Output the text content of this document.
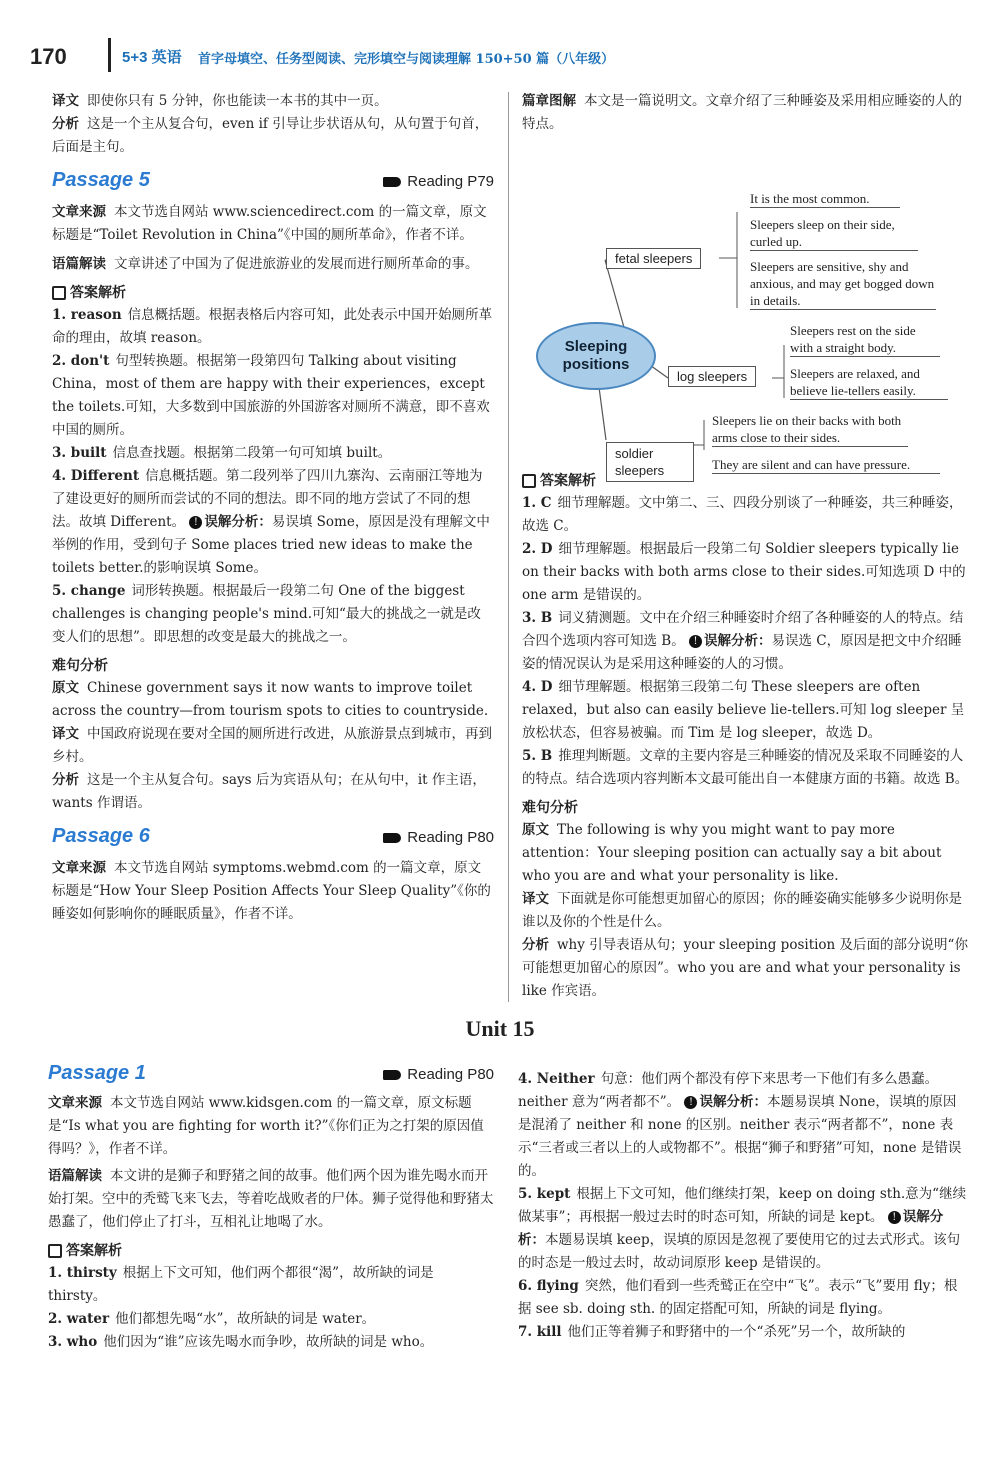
170	5+3 英语 首字母填空、任务型阅读、完形填空与阅读理解 150+50 篇（八年级）

译文 即使你只有 5 分钟，你也能读一本书的其中一页。

分析 这是一个主从复合句，even if 引导让步状语从句，从句置于句首，后面是主句。

Passage 5	Reading P79

文章来源 本文节选自网站 www.sciencedirect.com 的一篇文章，原文标题是“Toilet Revolution in China”《中国的厕所革命》，作者不详。

语篇解读 文章讲述了中国为了促进旅游业的发展而进行厕所革命的事。

答案解析

1. reason 信息概括题。根据表格后内容可知，此处表示中国开始厕所革命的理由，故填 reason。

2. don't 句型转换题。根据第一段第四句 Talking about visiting China，most of them are happy with their experiences，except the toilets.可知，大多数到中国旅游的外国游客对厕所不满意，即不喜欢中国的厕所。

3. built 信息查找题。根据第二段第一句可知填 built。

4. Different 信息概括题。第二段列举了四川九寨沟、云南丽江等地为了建设更好的厕所而尝试的不同的想法。即不同的地方尝试了不同的想法。故填 Different。 ! 误解分析：易误填 Some，原因是没有理解文中举例的作用，受到句子 Some places tried new ideas to make the toilets better.的影响误填 Some。

5. change 词形转换题。根据最后一段第二句 One of the biggest challenges is changing people's mind.可知“最大的挑战之一就是改变人们的思想”。即思想的改变是最大的挑战之一。

难句分析

原文 Chinese government says it now wants to improve toilet across the country—from tourism spots to cities to countryside.

译文 中国政府说现在要对全国的厕所进行改进，从旅游景点到城市，再到乡村。

分析 这是一个主从复合句。says 后为宾语从句；在从句中，it 作主语，wants 作谓语。

Passage 6	Reading P80

文章来源 本文节选自网站 symptoms.webmd.com 的一篇文章，原文标题是“How Your Sleep Position Affects Your Sleep Quality”《你的睡姿如何影响你的睡眠质量》，作者不详。

篇章图解 本文是一篇说明文。文章介绍了三种睡姿及采用相应睡姿的人的特点。

Sleeping positions
fetal sleepers
log sleepers
soldier sleepers
It is the most common.
Sleepers sleep on their side, curled up.
Sleepers are sensitive, shy and anxious, and may get bogged down in details.
Sleepers rest on the side with a straight body.
Sleepers are relaxed, and believe lie-tellers easily.
Sleepers lie on their backs with both arms close to their sides.
They are silent and can have pressure.
答案解析

1. C 细节理解题。文中第二、三、四段分别谈了一种睡姿，共三种睡姿，故选 C。

2. D 细节理解题。根据最后一段第二句 Soldier sleepers typically lie on their backs with both arms close to their sides.可知选项 D 中的 one arm 是错误的。

3. B 词义猜测题。文中在介绍三种睡姿时介绍了各种睡姿的人的特点。结合四个选项内容可知选 B。 ! 误解分析：易误选 C，原因是把文中介绍睡姿的情况误认为是采用这种睡姿的人的习惯。

4. D 细节理解题。根据第三段第二句 These sleepers are often relaxed，but also can easily believe lie-tellers.可知 log sleeper 呈放松状态，但容易被骗。而 Tim 是 log sleeper，故选 D。

5. B 推理判断题。文章的主要内容是三种睡姿的情况及采取不同睡姿的人的特点。结合选项内容判断本文最可能出自一本健康方面的书籍。故选 B。

难句分析

原文 The following is why you might want to pay more attention：Your sleeping position can actually say a bit about who you are and what your personality is like.

译文 下面就是你可能想更加留心的原因；你的睡姿确实能够多少说明你是谁以及你的个性是什么。

分析 why 引导表语从句；your sleeping position 及后面的部分说明“你可能想更加留心的原因”。who you are and what your personality is like 作宾语。

Unit 15
Passage 1	Reading P80

文章来源 本文节选自网站 www.kidsgen.com 的一篇文章，原文标题是“Is what you are fighting for worth it?”《你们正为之打架的原因值得吗？》，作者不详。

语篇解读 本文讲的是狮子和野猪之间的故事。他们两个因为谁先喝水而开始打架。空中的秃鹫飞来飞去，等着吃战败者的尸体。狮子觉得他和野猪太愚蠢了，他们停止了打斗，互相礼让地喝了水。

答案解析

1. thirsty 根据上下文可知，他们两个都很“渴”，故所缺的词是 thirsty。

2. water 他们都想先喝“水”，故所缺的词是 water。

3. who 他们因为“谁”应该先喝水而争吵，故所缺的词是 who。

4. Neither 句意：他们两个都没有停下来思考一下他们有多么愚蠢。neither 意为“两者都不”。 ! 误解分析：本题易误填 None，误填的原因是混淆了 neither 和 none 的区别。neither 表示“两者都不”，none 表示“三者或三者以上的人或物都不”。根据“狮子和野猪”可知，none 是错误的。

5. kept 根据上下文可知，他们继续打架，keep on doing sth.意为“继续做某事”；再根据一般过去时的时态可知，所缺的词是 kept。 ! 误解分析：本题易误填 keep，误填的原因是忽视了要使用它的过去式形式。该句的时态是一般过去时，故动词原形 keep 是错误的。

6. flying 突然，他们看到一些秃鹫正在空中“飞”。表示“飞”要用 fly；根据 see sb. doing sth. 的固定搭配可知，所缺的词是 flying。

7. kill 他们正等着狮子和野猪中的一个“杀死”另一个，故所缺的
